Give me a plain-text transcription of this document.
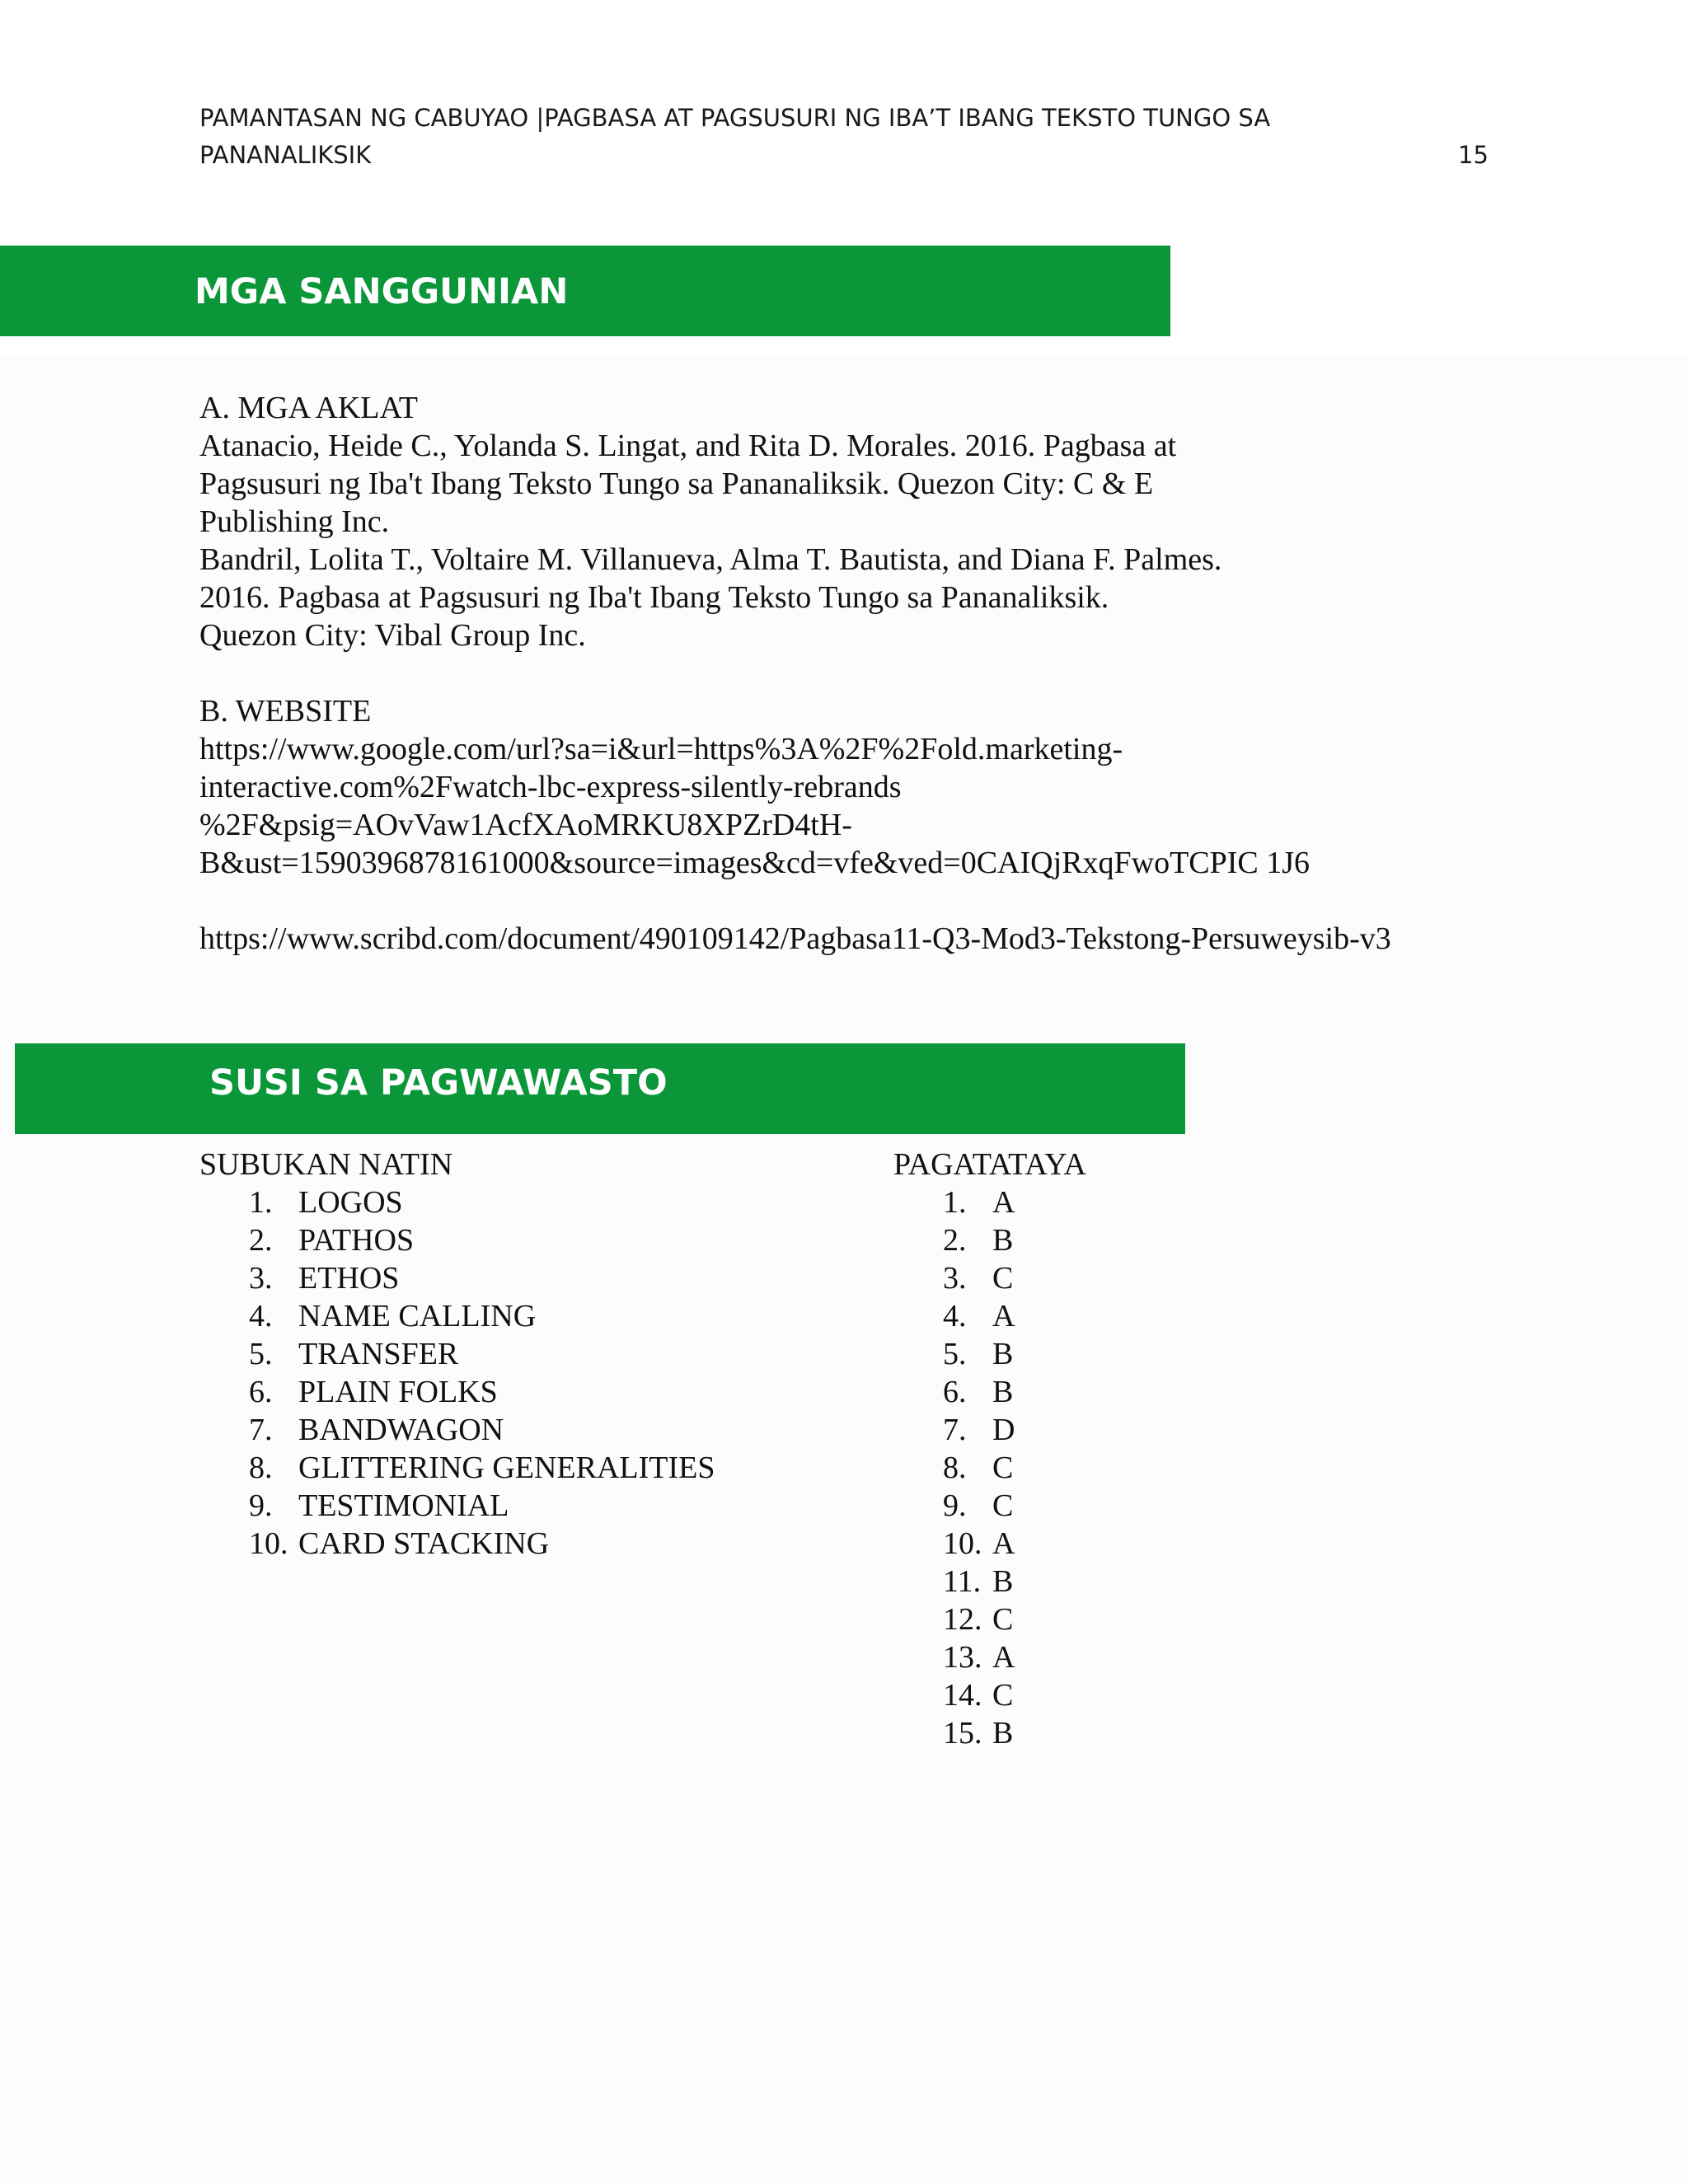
PAMANTASAN NG CABUYAO |PAGBASA AT PAGSUSURI NG IBA’T IBANG TEKSTO TUNGO SA
PANANALIKSIK	15
MGA SANGGUNIAN
A. MGA AKLAT
Atanacio, Heide C., Yolanda S. Lingat, and Rita D. Morales. 2016. Pagbasa at
Pagsusuri ng Iba't Ibang Teksto Tungo sa Pananaliksik. Quezon City: C & E
Publishing Inc.
Bandril, Lolita T., Voltaire M. Villanueva, Alma T. Bautista, and Diana F. Palmes.
2016. Pagbasa at Pagsusuri ng Iba't Ibang Teksto Tungo sa Pananaliksik.
Quezon City: Vibal Group Inc.
B. WEBSITE
https://www.google.com/url?sa=i&url=https%3A%2F%2Fold.marketing-
interactive.com%2Fwatch-lbc-express-silently-rebrands
%2F&psig=AOvVaw1AcfXAoMRKU8XPZrD4tH-
B&ust=1590396878161000&source=images&cd=vfe&ved=0CAIQjRxqFwoTCPIC 1J6
https://www.scribd.com/document/490109142/Pagbasa11-Q3-Mod3-Tekstong-Persuweysib-v3
SUSI SA PAGWAWASTO
SUBUKAN NATIN
1. LOGOS
2. PATHOS
3. ETHOS
4. NAME CALLING
5. TRANSFER
6. PLAIN FOLKS
7. BANDWAGON
8. GLITTERING GENERALITIES
9. TESTIMONIAL
10. CARD STACKING
PAGATATAYA
1. A
2. B
3. C
4. A
5. B
6. B
7. D
8. C
9. C
10. A
11. B
12. C
13. A
14. C
15. B
